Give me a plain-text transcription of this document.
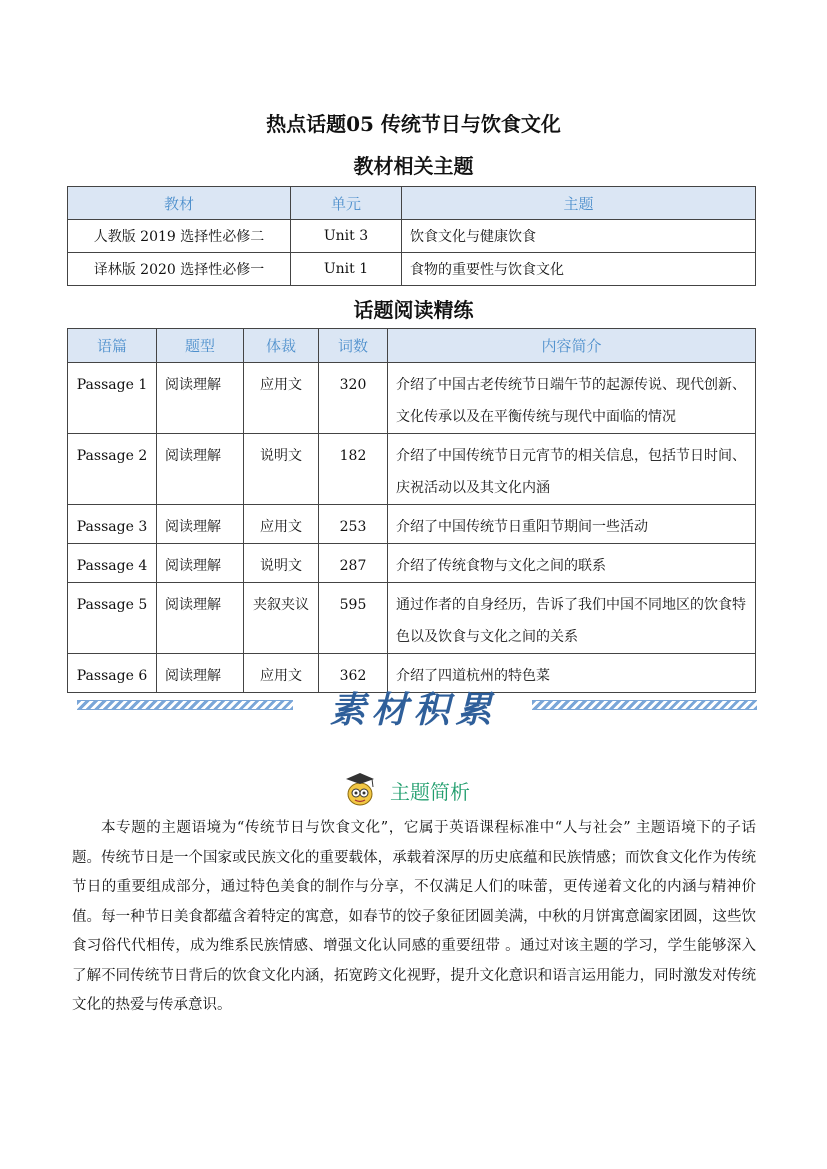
热点话题05 传统节日与饮食文化
教材相关主题
教材	单元	主题
人教版 2019 选择性必修二	Unit 3	饮食文化与健康饮食
译林版 2020 选择性必修一	Unit 1	食物的重要性与饮食文化
话题阅读精练
语篇	题型	体裁	词数	内容简介
Passage 1	阅读理解	应用文	320	介绍了中国古老传统节日端午节的起源传说、现代创新、文化传承以及在平衡传统与现代中面临的情况
Passage 2	阅读理解	说明文	182	介绍了中国传统节日元宵节的相关信息，包括节日时间、庆祝活动以及其文化内涵
Passage 3	阅读理解	应用文	253	介绍了中国传统节日重阳节期间一些活动
Passage 4	阅读理解	说明文	287	介绍了传统食物与文化之间的联系
Passage 5	阅读理解	夹叙夹议	595	通过作者的自身经历，告诉了我们中国不同地区的饮食特色以及饮食与文化之间的关系
Passage 6	阅读理解	应用文	362	介绍了四道杭州的特色菜
素材积累
主题简析

本专题的主题语境为“传统节日与饮食文化”，它属于英语课程标准中“人与社会” 主题语境下的子话题。传统节日是一个国家或民族文化的重要载体，承载着深厚的历史底蕴和民族情感；而饮食文化作为传统节日的重要组成部分，通过特色美食的制作与分享，不仅满足人们的味蕾，更传递着文化的内涵与精神价值。每一种节日美食都蕴含着特定的寓意，如春节的饺子象征团圆美满，中秋的月饼寓意阖家团圆，这些饮食习俗代代相传，成为维系民族情感、增强文化认同感的重要纽带 。通过对该主题的学习，学生能够深入了解不同传统节日背后的饮食文化内涵，拓宽跨文化视野，提升文化意识和语言运用能力，同时激发对传统文化的热爱与传承意识。
